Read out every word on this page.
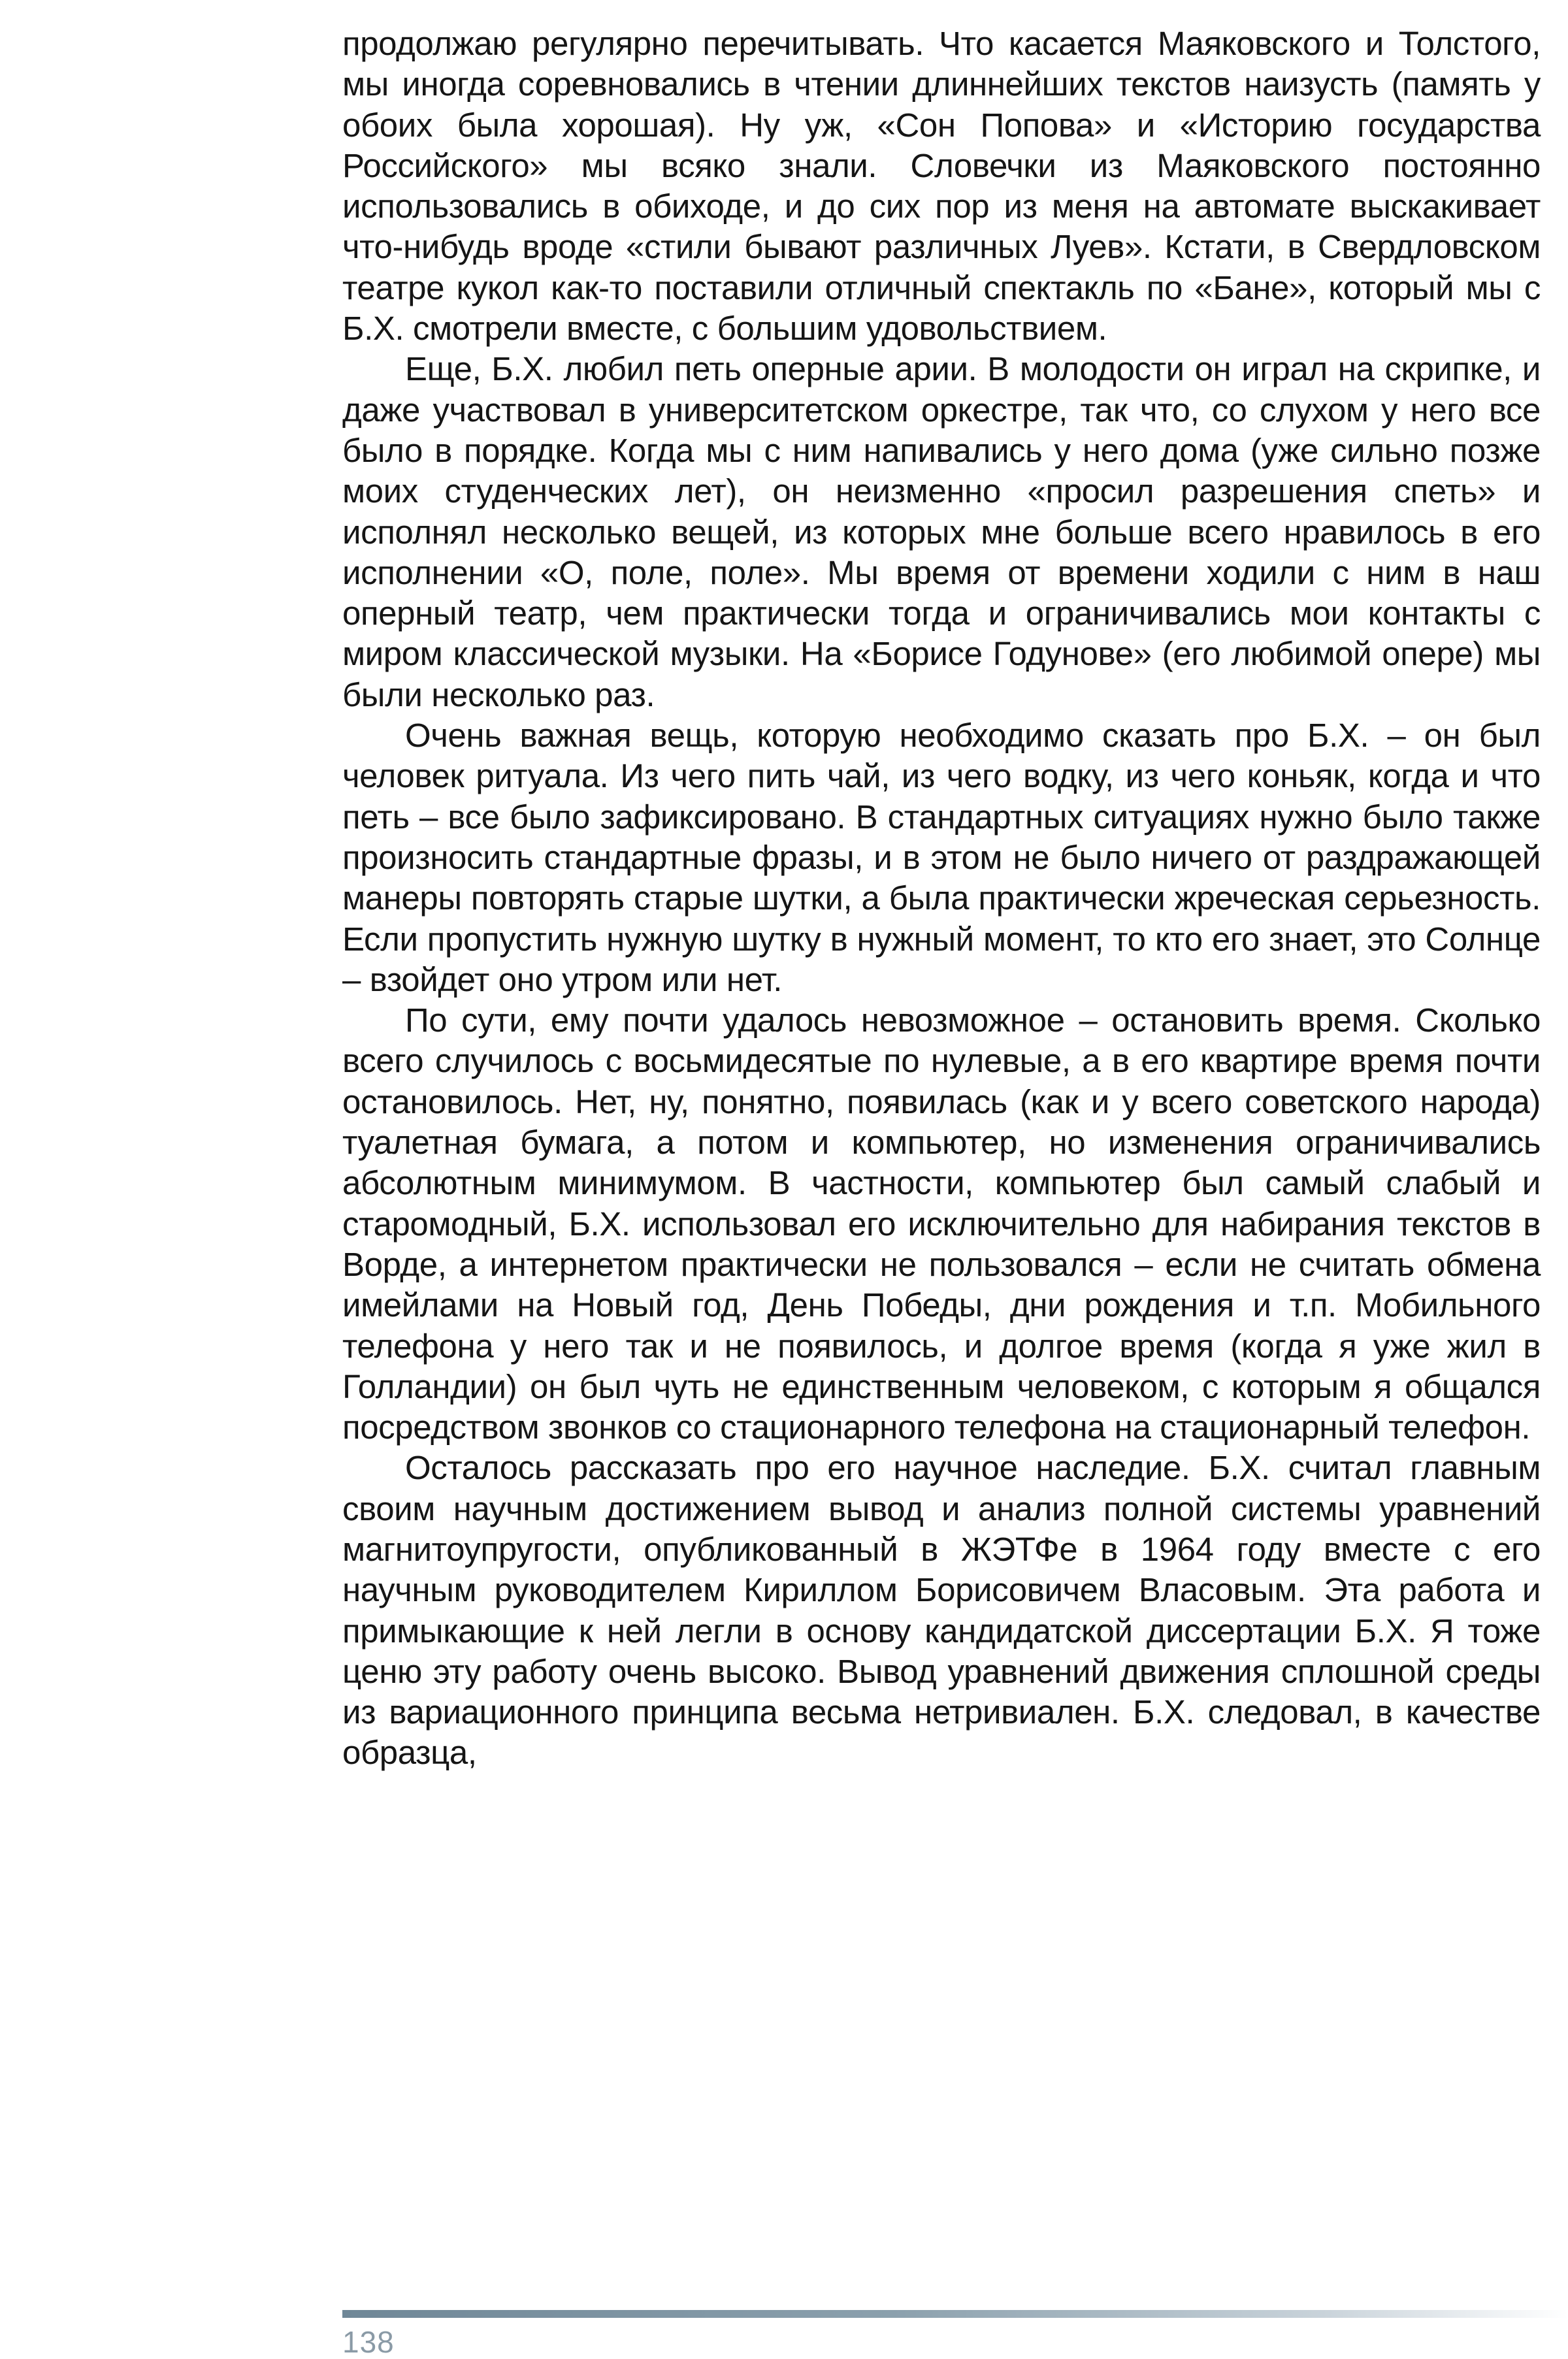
продолжаю регулярно перечитывать. Что касается Маяковского и Толстого, мы иногда соревновались в чтении длиннейших текстов наизусть (память у обоих была хорошая). Ну уж, «Сон Попова» и «Историю государства Российского» мы всяко знали. Словечки из Маяковского постоянно использовались в обиходе, и до сих пор из меня на автомате выскакивает что-нибудь вроде «стили бывают различных Луев». Кстати, в Свердловском театре кукол как-то поставили отличный спектакль по «Бане», который мы с Б.Х. смотрели вместе, с большим удовольствием.

Еще, Б.Х. любил петь оперные арии. В молодости он играл на скрипке, и даже участвовал в университетском оркестре, так что, со слухом у него все было в порядке. Когда мы с ним напивались у него дома (уже сильно позже моих студенческих лет), он неизменно «просил разрешения спеть» и исполнял несколько вещей, из которых мне больше всего нравилось в его исполнении «О, поле, поле». Мы время от времени ходили с ним в наш оперный театр, чем практически тогда и ограничивались мои контакты с миром классической музыки. На «Борисе Годунове» (его любимой опере) мы были несколько раз.

Очень важная вещь, которую необходимо сказать про Б.Х. – он был человек ритуала. Из чего пить чай, из чего водку, из чего коньяк, когда и что петь – все было зафиксировано. В стандартных ситуациях нужно было также произносить стандартные фразы, и в этом не было ничего от раздражающей манеры повторять старые шутки, а была практически жреческая серьезность. Если пропустить нужную шутку в нужный момент, то кто его знает, это Солнце – взойдет оно утром или нет.

По сути, ему почти удалось невозможное – остановить время. Сколько всего случилось с восьмидесятые по нулевые, а в его квартире время почти остановилось. Нет, ну, понятно, появилась (как и у всего советского народа) туалетная бумага, а потом и компьютер, но изменения ограничивались абсолютным минимумом. В частности, компьютер был самый слабый и старомодный, Б.Х. использовал его исключительно для набирания текстов в Ворде, а интернетом практически не пользовался – если не считать обмена имейлами на Новый год, День Победы, дни рождения и т.п. Мобильного телефона у него так и не появилось, и долгое время (когда я уже жил в Голландии) он был чуть не единственным человеком, с которым я общался посредством звонков со стационарного телефона на стационарный телефон.

Осталось рассказать про его научное наследие. Б.Х. считал главным своим научным достижением вывод и анализ полной системы уравнений магнитоупругости, опубликованный в ЖЭТФе в 1964 году вместе с его научным руководителем Кириллом Борисовичем Власовым. Эта работа и примыкающие к ней легли в основу кандидатской диссертации Б.Х. Я тоже ценю эту работу очень высоко. Вывод уравнений движения сплошной среды из вариационного принципа весьма нетривиален. Б.Х. следовал, в качестве образца,

138
